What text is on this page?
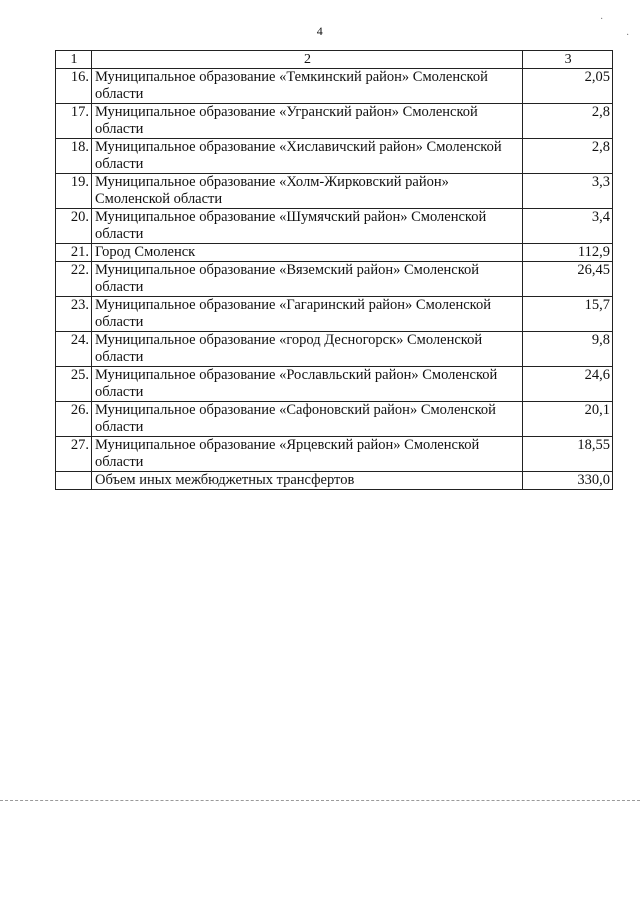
4
1	2	3
16.	Муниципальное образование «Темкинский район» Смоленской области	2,05
17.	Муниципальное образование «Угранский район» Смоленской области	2,8
18.	Муниципальное образование «Хиславичский район» Смоленской области	2,8
19.	Муниципальное образование «Холм-Жирковский район» Смоленской области	3,3
20.	Муниципальное образование «Шумячский район» Смоленской области	3,4
21.	Город Смоленск	112,9
22.	Муниципальное образование «Вяземский район» Смоленской области	26,45
23.	Муниципальное образование «Гагаринский район» Смоленской области	15,7
24.	Муниципальное образование «город Десногорск» Смоленской области	9,8
25.	Муниципальное образование «Рославльский район» Смоленской области	24,6
26.	Муниципальное образование «Сафоновский район» Смоленской области	20,1
27.	Муниципальное образование «Ярцевский район» Смоленской области	18,55
	Объем иных межбюджетных трансфертов	330,0
·
·
